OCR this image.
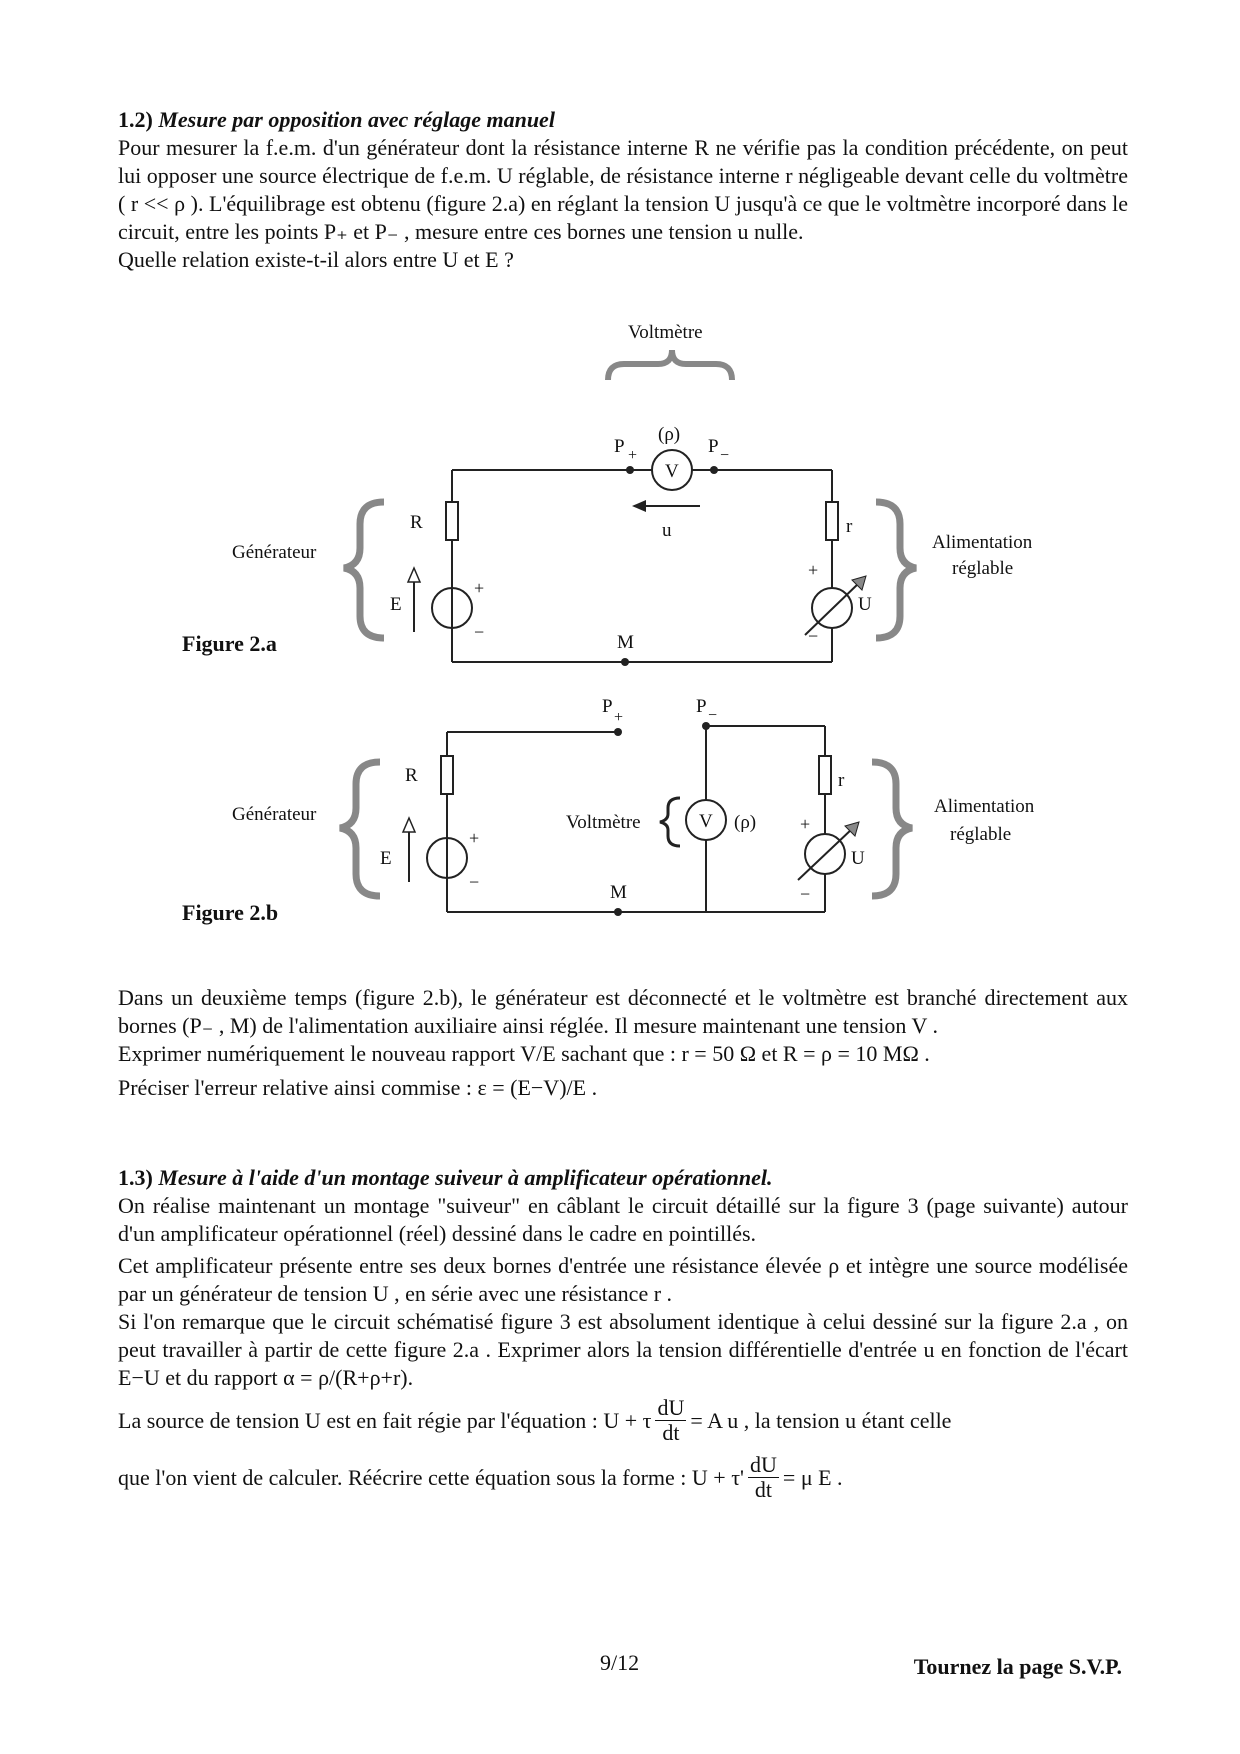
1.2) Mesure par opposition avec réglage manuel

Pour mesurer la f.e.m. d'un générateur dont la résistance interne R ne vérifie pas la condition précédente, on peut lui opposer une source électrique de f.e.m. U réglable, de résistance interne r négligeable devant celle du voltmètre ( r << ρ ). L'équilibrage est obtenu (figure 2.a) en réglant la tension U jusqu'à ce que le voltmètre incorporé dans le circuit, entre les points P₊ et P₋ , mesure entre ces bornes une tension u nulle.

Quelle relation existe-t-il alors entre U et E ?

Voltmètre
(ρ)
P +	P −
V
u
R	r
E
+
−
+
−
U
M
Générateur	Alimentation
réglable
Figure 2.a
P
+
P −
R	r
E
+
−
+
−
U
M
V (ρ)
Voltmètre
Générateur	Alimentation
réglable
Figure 2.b

Dans un deuxième temps (figure 2.b), le générateur est déconnecté et le voltmètre est branché directement aux bornes (P₋ , M) de l'alimentation auxiliaire ainsi réglée. Il mesure maintenant une tension V .

Exprimer numériquement le nouveau rapport V/E sachant que : r = 50 Ω et R = ρ = 10 MΩ .

Préciser l'erreur relative ainsi commise : ε = (E−V)/E .

1.3) Mesure à l'aide d'un montage suiveur à amplificateur opérationnel.

On réalise maintenant un montage "suiveur" en câblant le circuit détaillé sur la figure 3 (page suivante) autour d'un amplificateur opérationnel (réel) dessiné dans le cadre en pointillés.

Cet amplificateur présente entre ses deux bornes d'entrée une résistance élevée ρ et intègre une source modélisée par un générateur de tension U , en série avec une résistance r .

Si l'on remarque que le circuit schématisé figure 3 est absolument identique à celui dessiné sur la figure 2.a , on peut travailler à partir de cette figure 2.a . Exprimer alors la tension différentielle d'entrée u en fonction de l'écart E−U et du rapport α = ρ/(R+ρ+r).

La source de tension U est en fait régie par l'équation : U + τ $\frac{dU}{dt} = A$ u , la tension u étant celle
que l'on vient de calculer. Réécrire cette équation sous la forme : $U + \tau' \frac{dU}{dt} = \mu$ E .
9/12	Tournez la page S.V.P.
